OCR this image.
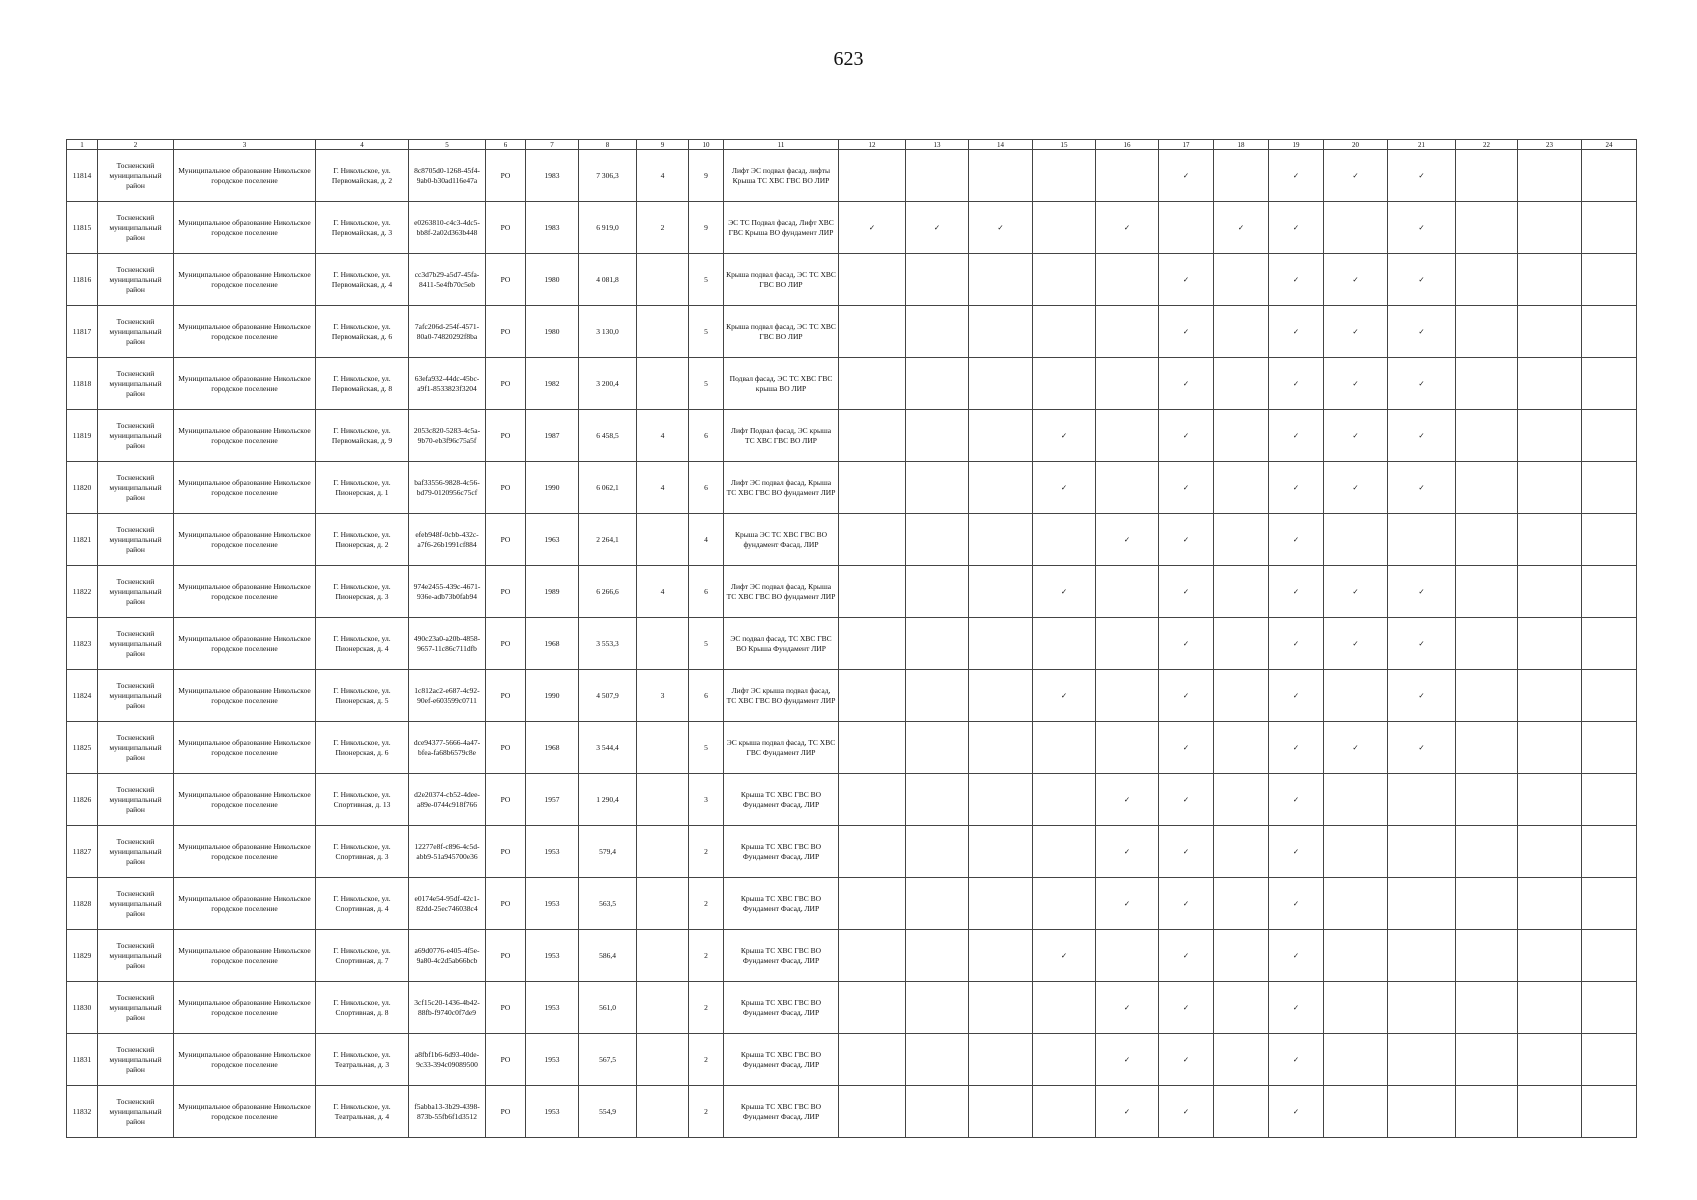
623
1	2	3	4	5	6	7	8	9	10	11	12	13	14	15	16	17	18	19	20	21	22	23	24
11814	Тосненский муниципальный район	Муниципальное образование Никольское городское поселение	Г. Никольское, ул. Первомайская, д. 2	8c8705d0-1268-45f4-9ab0-b30ad116e47a	РО	1983	7 306,3	4	9	Лифт ЭС подвал фасад, лифты Крыша ТС ХВС ГВС ВО ЛИР						✓		✓	✓	✓			
11815	Тосненский муниципальный район	Муниципальное образование Никольское городское поселение	Г. Никольское, ул. Первомайская, д. 3	e0263810-c4c3-4dc5-bb8f-2a02d363b448	РО	1983	6 919,0	2	9	ЭС ТС Подвал фасад, Лифт ХВС ГВС Крыша ВО фундамент ЛИР	✓	✓	✓		✓		✓	✓		✓			
11816	Тосненский муниципальный район	Муниципальное образование Никольское городское поселение	Г. Никольское, ул. Первомайская, д. 4	cc3d7b29-a5d7-45fa-8411-5e4fb70c5eb	РО	1980	4 081,8		5	Крыша подвал фасад, ЭС ТС ХВС ГВС ВО ЛИР						✓		✓	✓	✓			
11817	Тосненский муниципальный район	Муниципальное образование Никольское городское поселение	Г. Никольское, ул. Первомайская, д. 6	7afc206d-254f-4571-80a0-74820292f8ba	РО	1980	3 130,0		5	Крыша подвал фасад, ЭС ТС ХВС ГВС ВО ЛИР						✓		✓	✓	✓			
11818	Тосненский муниципальный район	Муниципальное образование Никольское городское поселение	Г. Никольское, ул. Первомайская, д. 8	63efa932-44dc-45bc-a9f1-8533823f3204	РО	1982	3 200,4		5	Подвал фасад, ЭС ТС ХВС ГВС крыша ВО ЛИР						✓		✓	✓	✓			
11819	Тосненский муниципальный район	Муниципальное образование Никольское городское поселение	Г. Никольское, ул. Первомайская, д. 9	2053c820-5283-4c5a-9b70-eb3f96c75a5f	РО	1987	6 458,5	4	6	Лифт Подвал фасад, ЭС крыша ТС ХВС ГВС ВО ЛИР				✓		✓		✓	✓	✓			
11820	Тосненский муниципальный район	Муниципальное образование Никольское городское поселение	Г. Никольское, ул. Пионерская, д. 1	baf33556-9828-4c56-bd79-0120956c75cf	РО	1990	6 062,1	4	6	Лифт ЭС подвал фасад, Крыша ТС ХВС ГВС ВО фундамент ЛИР				✓		✓		✓	✓	✓			
11821	Тосненский муниципальный район	Муниципальное образование Никольское городское поселение	Г. Никольское, ул. Пионерская, д. 2	efeb948f-0cbb-432c-a7f6-26b1991cf884	РО	1963	2 264,1		4	Крыша ЭС ТС ХВС ГВС ВО фундамент Фасад, ЛИР					✓	✓		✓					
11822	Тосненский муниципальный район	Муниципальное образование Никольское городское поселение	Г. Никольское, ул. Пионерская, д. 3	974e2455-439c-4671-936e-adb73b0fab94	РО	1989	6 266,6	4	6	Лифт ЭС подвал фасад, Крыша ТС ХВС ГВС ВО фундамент ЛИР				✓		✓		✓	✓	✓			
11823	Тосненский муниципальный район	Муниципальное образование Никольское городское поселение	Г. Никольское, ул. Пионерская, д. 4	490c23a0-a20b-4858-9657-11c86c711dfb	РО	1968	3 553,3		5	ЭС подвал фасад, ТС ХВС ГВС ВО Крыша Фундамент ЛИР						✓		✓	✓	✓			
11824	Тосненский муниципальный район	Муниципальное образование Никольское городское поселение	Г. Никольское, ул. Пионерская, д. 5	1c812ac2-e687-4c92-90ef-e603599c0711	РО	1990	4 507,9	3	6	Лифт ЭС крыша подвал фасад, ТС ХВС ГВС ВО фундамент ЛИР				✓		✓		✓		✓			
11825	Тосненский муниципальный район	Муниципальное образование Никольское городское поселение	Г. Никольское, ул. Пионерская, д. 6	dce94377-5666-4a47-bfea-fa68b6579c8e	РО	1968	3 544,4		5	ЭС крыша подвал фасад, ТС ХВС ГВС Фундамент ЛИР						✓		✓	✓	✓			
11826	Тосненский муниципальный район	Муниципальное образование Никольское городское поселение	Г. Никольское, ул. Спортивная, д. 13	d2e20374-cb52-4dee-a89e-0744c918f766	РО	1957	1 290,4		3	Крыша ТС ХВС ГВС ВО Фундамент Фасад, ЛИР					✓	✓		✓					
11827	Тосненский муниципальный район	Муниципальное образование Никольское городское поселение	Г. Никольское, ул. Спортивная, д. 3	12277e8f-c896-4c5d-abb9-51a945700e36	РО	1953	579,4		2	Крыша ТС ХВС ГВС ВО Фундамент Фасад, ЛИР					✓	✓		✓					
11828	Тосненский муниципальный район	Муниципальное образование Никольское городское поселение	Г. Никольское, ул. Спортивная, д. 4	e0174e54-95df-42c1-82dd-25ec746038c4	РО	1953	563,5		2	Крыша ТС ХВС ГВС ВО Фундамент Фасад, ЛИР					✓	✓		✓					
11829	Тосненский муниципальный район	Муниципальное образование Никольское городское поселение	Г. Никольское, ул. Спортивная, д. 7	a69d0776-e405-4f5e-9a80-4c2d5ab66bcb	РО	1953	586,4		2	Крыша ТС ХВС ГВС ВО Фундамент Фасад, ЛИР				✓		✓		✓					
11830	Тосненский муниципальный район	Муниципальное образование Никольское городское поселение	Г. Никольское, ул. Спортивная, д. 8	3cf15c20-1436-4b42-88fb-f9740c0f7de9	РО	1953	561,0		2	Крыша ТС ХВС ГВС ВО Фундамент Фасад, ЛИР					✓	✓		✓					
11831	Тосненский муниципальный район	Муниципальное образование Никольское городское поселение	Г. Никольское, ул. Театральная, д. 3	a8fbf1b6-6d93-40de-9c33-394c09089500	РО	1953	567,5		2	Крыша ТС ХВС ГВС ВО Фундамент Фасад, ЛИР					✓	✓		✓					
11832	Тосненский муниципальный район	Муниципальное образование Никольское городское поселение	Г. Никольское, ул. Театральная, д. 4	f5abba13-3b29-4398-873b-55fb6f1d3512	РО	1953	554,9		2	Крыша ТС ХВС ГВС ВО Фундамент Фасад, ЛИР					✓	✓		✓					
